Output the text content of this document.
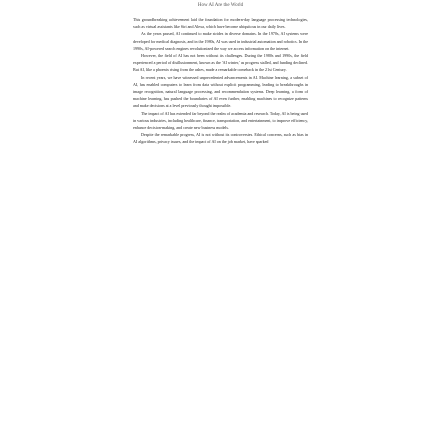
How AI Are the World

This groundbreaking achievement laid the foundation for modern-day language processing technologies, such as virtual assistants like Siri and Alexa, which have become ubiquitous in our daily lives.

As the years passed, AI continued to make strides in diverse domains. In the 1970s, AI systems were developed for medical diagnosis, and in the 1980s, AI was used in industrial automation and robotics. In the 1990s, AI-powered search engines revolutionized the way we access information on the internet.

However, the field of AI has not been without its challenges. During the 1980s and 1990s, the field experienced a period of disillusionment, known as the 'AI winter,' as progress stalled, and funding declined. But AI, like a phoenix rising from the ashes, made a remarkable comeback in the 21st Century.

In recent years, we have witnessed unprecedented advancements in AI. Machine learning, a subset of AI, has enabled computers to learn from data without explicit programming, leading to breakthroughs in image recognition, natural language processing, and recommendation systems. Deep learning, a form of machine learning, has pushed the boundaries of AI even further, enabling machines to recognize patterns and make decisions at a level previously thought impossible.

The impact of AI has extended far beyond the realm of academia and research. Today, AI is being used in various industries, including healthcare, finance, transportation, and entertainment, to improve efficiency, enhance decision-making, and create new business models.

Despite the remarkable progress, AI is not without its controversies. Ethical concerns, such as bias in AI algorithms, privacy issues, and the impact of AI on the job market, have sparked
